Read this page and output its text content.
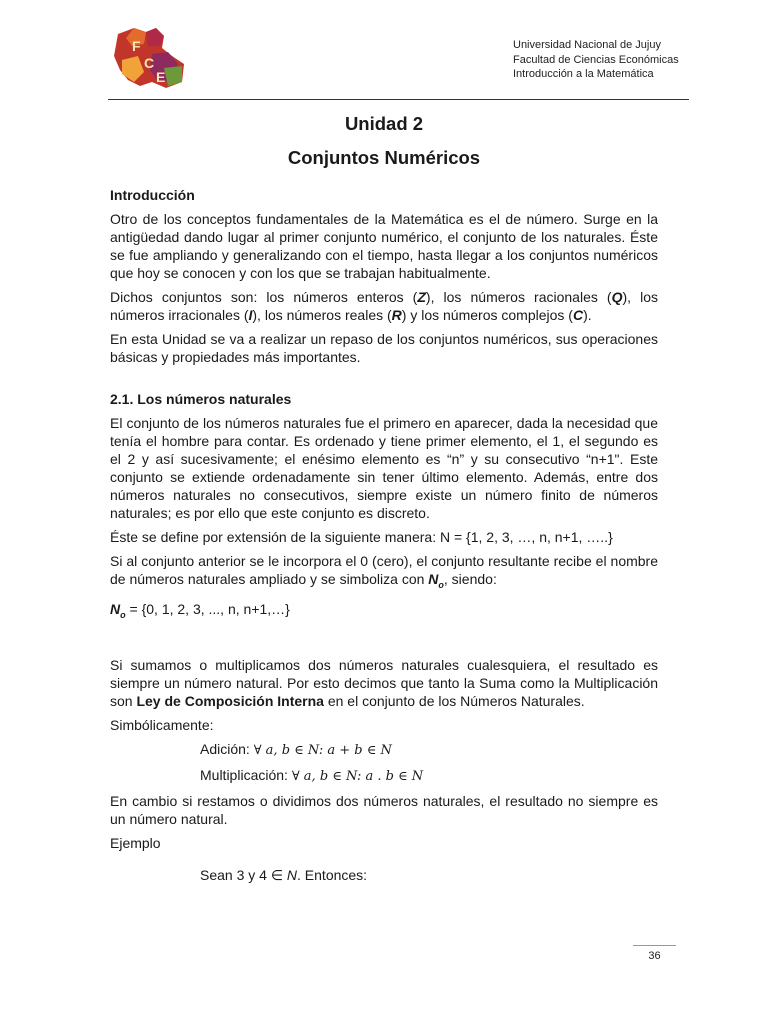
F
C
E
Universidad Nacional de Jujuy
Facultad de Ciencias Económicas
Introducción a la Matemática
Unidad 2
Conjuntos Numéricos
Introducción

Otro de los conceptos fundamentales de la Matemática es el de número. Surge en la antigüedad dando lugar al primer conjunto numérico, el conjunto de los naturales. Éste se fue ampliando y generalizando con el tiempo, hasta llegar a los conjuntos numéricos que hoy se conocen y con los que se trabajan habitualmente.

Dichos conjuntos son: los números enteros (Z), los números racionales (Q), los números irracionales (I), los números reales (R) y los números complejos (C).

En esta Unidad se va a realizar un repaso de los conjuntos numéricos, sus operaciones básicas y propiedades más importantes.

2.1. Los números naturales

El conjunto de los números naturales fue el primero en aparecer, dada la necesidad que tenía el hombre para contar. Es ordenado y tiene primer elemento, el 1, el segundo es el 2 y así sucesivamente; el enésimo elemento es “n” y su consecutivo “n+1". Este conjunto se extiende ordenadamente sin tener último elemento. Además, entre dos números naturales no consecutivos, siempre existe un número finito de números naturales; es por ello que este conjunto es discreto.

Éste se define por extensión de la siguiente manera: N = {1, 2, 3, …, n, n+1, …..}

Si al conjunto anterior se le incorpora el 0 (cero), el conjunto resultante recibe el nombre de números naturales ampliado y se simboliza con $N_o$, siendo:

$N_o = \{0$, 1, 2, 3, ..., n, n+1,…}

Si sumamos o multiplicamos dos números naturales cualesquiera, el resultado es siempre un número natural. Por esto decimos que tanto la Suma como la Multiplicación son Ley de Composición Interna en el conjunto de los Números Naturales.

Simbólicamente:

Adición: ∀ a, b ∈ N: a + b ∈ N

Multiplicación: ∀ a, b ∈ N: a . b ∈ N

En cambio si restamos o dividimos dos números naturales, el resultado no siempre es un número natural.

Ejemplo

Sean 3 y 4 ∈ N. Entonces:

36
